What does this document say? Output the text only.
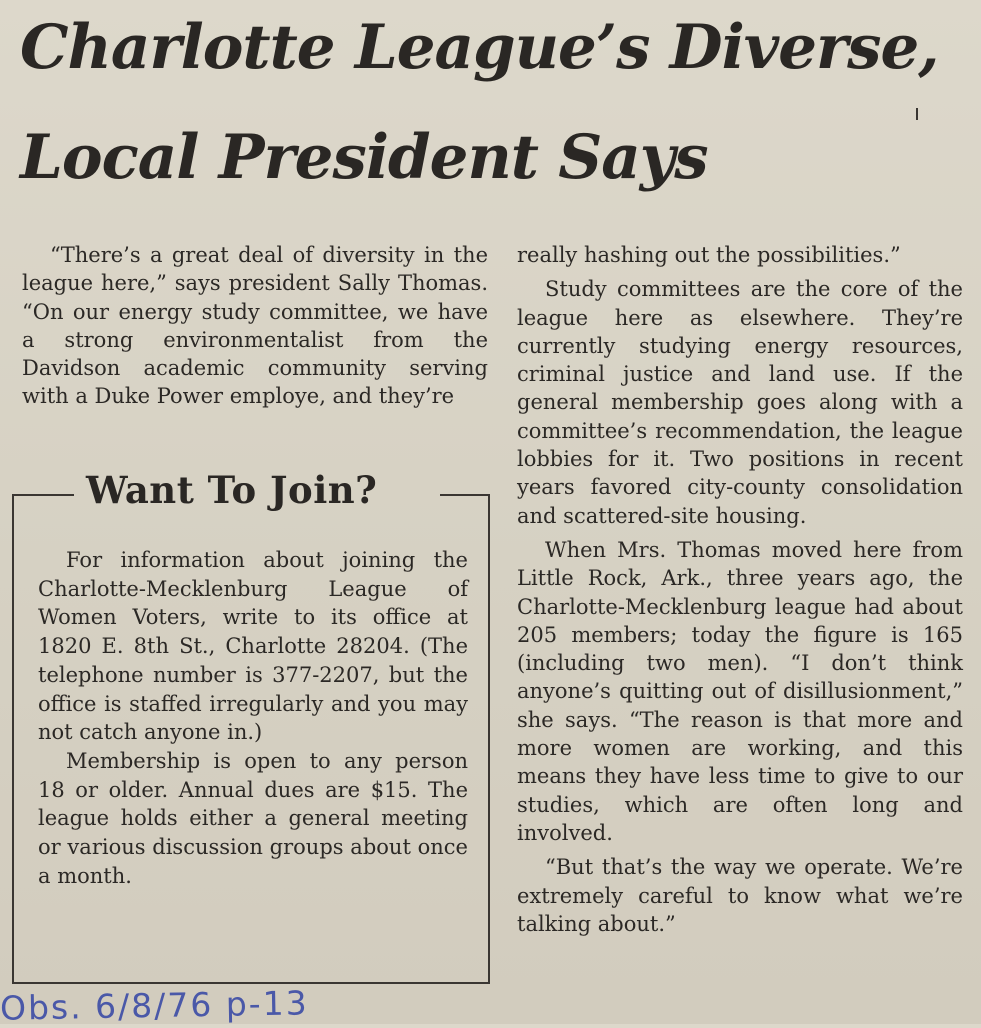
Charlotte League’s Diverse,
Local President Says

“There’s a great deal of diversity in the league here,” says president Sally Thomas. “On our energy study committee, we have a strong environmentalist from the Davidson academic community serving with a Duke Power employe, and they’re

Want To Join?

For information about joining the Charlotte-Mecklenburg League of Women Voters, write to its office at 1820 E. 8th St., Charlotte 28204. (The telephone number is 377-2207, but the office is staffed irregularly and you may not catch anyone in.)

Membership is open to any person 18 or older. Annual dues are $15. The league holds either a general meeting or various discussion groups about once a month.

really hashing out the possibilities.”

Study committees are the core of the league here as elsewhere. They’re currently studying energy resources, criminal justice and land use. If the general membership goes along with a committee’s recommendation, the league lobbies for it. Two positions in recent years favored city-county consolidation and scattered-site housing.

When Mrs. Thomas moved here from Little Rock, Ark., three years ago, the Charlotte-Mecklenburg league had about 205 members; today the figure is 165 (including two men). “I don’t think anyone’s quitting out of disillusionment,” she says. “The reason is that more and more women are working, and this means they have less time to give to our studies, which are often long and involved.

“But that’s the way we operate. We’re extremely careful to know what we’re talking about.”

Obs. 6/8/76 p-13
